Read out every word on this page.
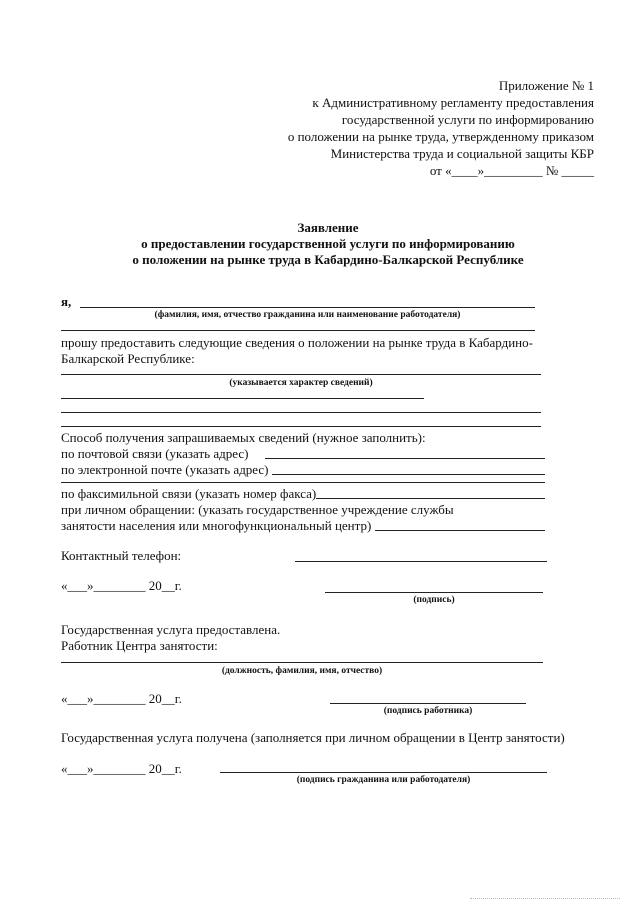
Приложение № 1
к Административному регламенту предоставления
государственной услуги по информированию
о положении на рынке труда, утвержденному приказом
Министерства труда и социальной защиты КБР
от «____»_________ № _____
Заявление
о предоставлении государственной услуги по информированию
о положении на рынке труда в Кабардино-Балкарской Республике
я,
(фамилия, имя, отчество гражданина или наименование работодателя)
прошу предоставить следующие сведения о положении на рынке труда в Кабардино-
Балкарской Республике:
(указывается характер сведений)
Способ получения запрашиваемых сведений (нужное заполнить):
по почтовой связи (указать адрес)
по электронной почте (указать адрес)
по факсимильной связи (указать номер факса)
при личном обращении: (указать государственное учреждение службы
занятости населения или многофункциональный центр)
Контактный телефон:
«___»________ 20__г.
(подпись)
Государственная услуга предоставлена.
Работник Центра занятости:
(должность, фамилия, имя, отчество)
«___»________ 20__г.
(подпись работника)
Государственная услуга получена (заполняется при личном обращении в Центр занятости)
«___»________ 20__г.
(подпись гражданина или работодателя)
